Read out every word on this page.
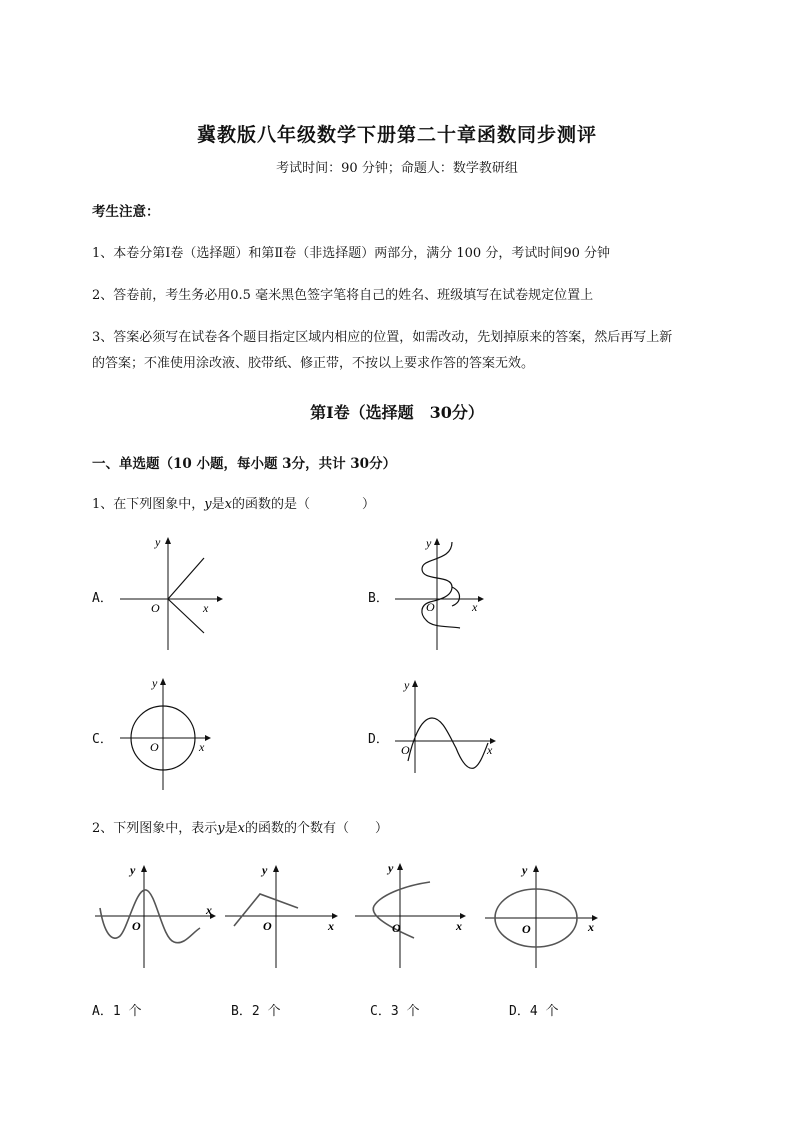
冀教版八年级数学下册第二十章函数同步测评
考试时间：90 分钟；命题人：数学教研组
考生注意：
1、本卷分第Ⅰ卷（选择题）和第Ⅱ卷（非选择题）两部分，满分 100 分，考试时间90 分钟
2、答卷前，考生务必用0.5 毫米黑色签字笔将自己的姓名、班级填写在试卷规定位置上
3、答案必须写在试卷各个题目指定区域内相应的位置，如需改动，先划掉原来的答案，然后再写上新
的答案；不准使用涂改液、胶带纸、修正带，不按以上要求作答的答案无效。
第Ⅰ卷（选择题　30分）
一、单选题（10 小题，每小题 3分，共计 30分）
1、在下列图象中，y是x的函数的是（　　　　）
A．	B．
C．	D．
y
x
O
y
x
O
y
x
O
y
x
O
2、下列图象中，表示y是x的函数的个数有（　　）
y
x
O
y
x
O
y
x
O
y
x
O
A．1 个	B．2 个	C．3 个	D．4 个
